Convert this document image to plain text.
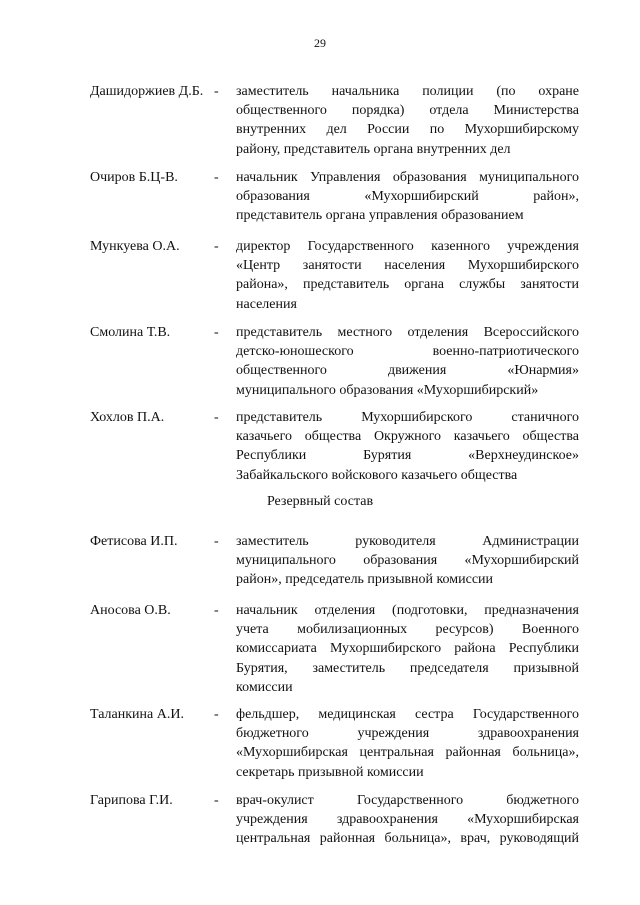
29
Дашидоржиев Д.Б. - заместитель начальника полиции (по охране
общественного порядка) отдела Министерства
внутренних дел России по Мухоршибирскому
району, представитель органа внутренних дел
Очиров Б.Ц-В.	- начальник Управления образования муниципального
образования «Мухоршибирский район»,
представитель органа управления образованием
Мункуева О.А.	- директор Государственного казенного учреждения
«Центр занятости населения Мухоршибирского
района», представитель органа службы занятости
населения
Смолина Т.В.	- представитель местного отделения Всероссийского
детско-юношеского военно-патриотического
общественного движения «Юнармия»
муниципального образования «Мухоршибирский»
Хохлов П.А.	- представитель Мухоршибирского станичного
казачьего общества Окружного казачьего общества
Республики Бурятия «Верхнеудинское»
Забайкальского войскового казачьего общества
Резервный состав
Фетисова И.П.	- заместитель руководителя Администрации
муниципального образования «Мухоршибирский
район», председатель призывной комиссии
Аносова О.В.	- начальник отделения (подготовки, предназначения
учета мобилизационных ресурсов) Военного
комиссариата Мухоршибирского района Республики
Бурятия, заместитель председателя призывной
комиссии
Таланкина А.И.	- фельдшер, медицинская сестра Государственного
бюджетного учреждения здравоохранения
«Мухоршибирская центральная районная больница»,
секретарь призывной комиссии
Гарипова Г.И.	- врач-окулист Государственного бюджетного
учреждения здравоохранения «Мухоршибирская
центральная районная больница», врач, руководящий
